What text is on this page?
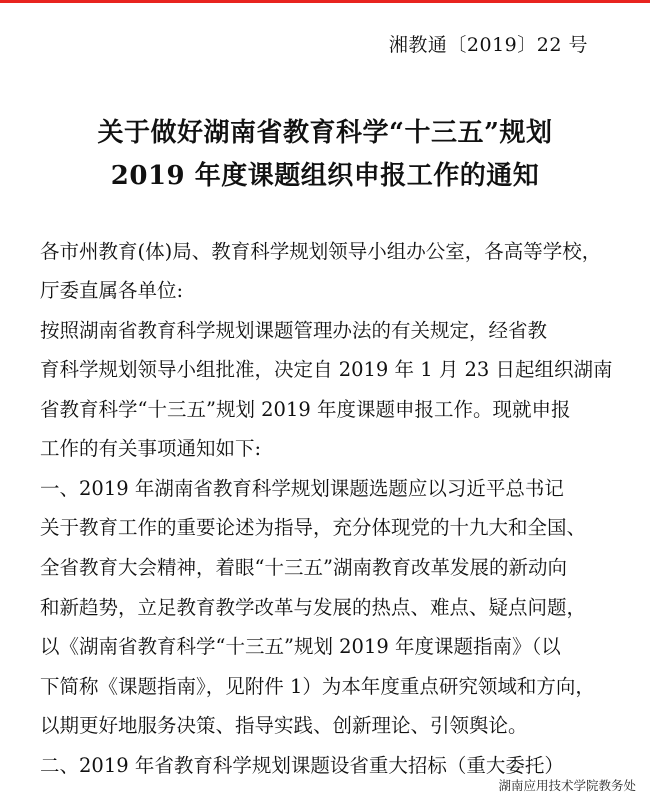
湘教通〔2019〕22 号
关于做好湖南省教育科学“十三五”规划
2019 年度课题组织申报工作的通知
各市州教育(体)局、教育科学规划领导小组办公室，各高等学校，
厅委直属各单位:
按照湖南省教育科学规划课题管理办法的有关规定，经省教
育科学规划领导小组批准，决定自 2019 年 1 月 23 日起组织湖南
省教育科学“十三五”规划 2019 年度课题申报工作。现就申报
工作的有关事项通知如下:
一、2019 年湖南省教育科学规划课题选题应以习近平总书记
关于教育工作的重要论述为指导，充分体现党的十九大和全国、
全省教育大会精神，着眼“十三五”湖南教育改革发展的新动向
和新趋势，立足教育教学改革与发展的热点、难点、疑点问题，
以《湖南省教育科学“十三五”规划 2019 年度课题指南》（以
下简称《课题指南》，见附件 1）为本年度重点研究领域和方向，
以期更好地服务决策、指导实践、创新理论、引领舆论。
二、2019 年省教育科学规划课题设省重大招标（重大委托）
湖南应用技术学院教务处
